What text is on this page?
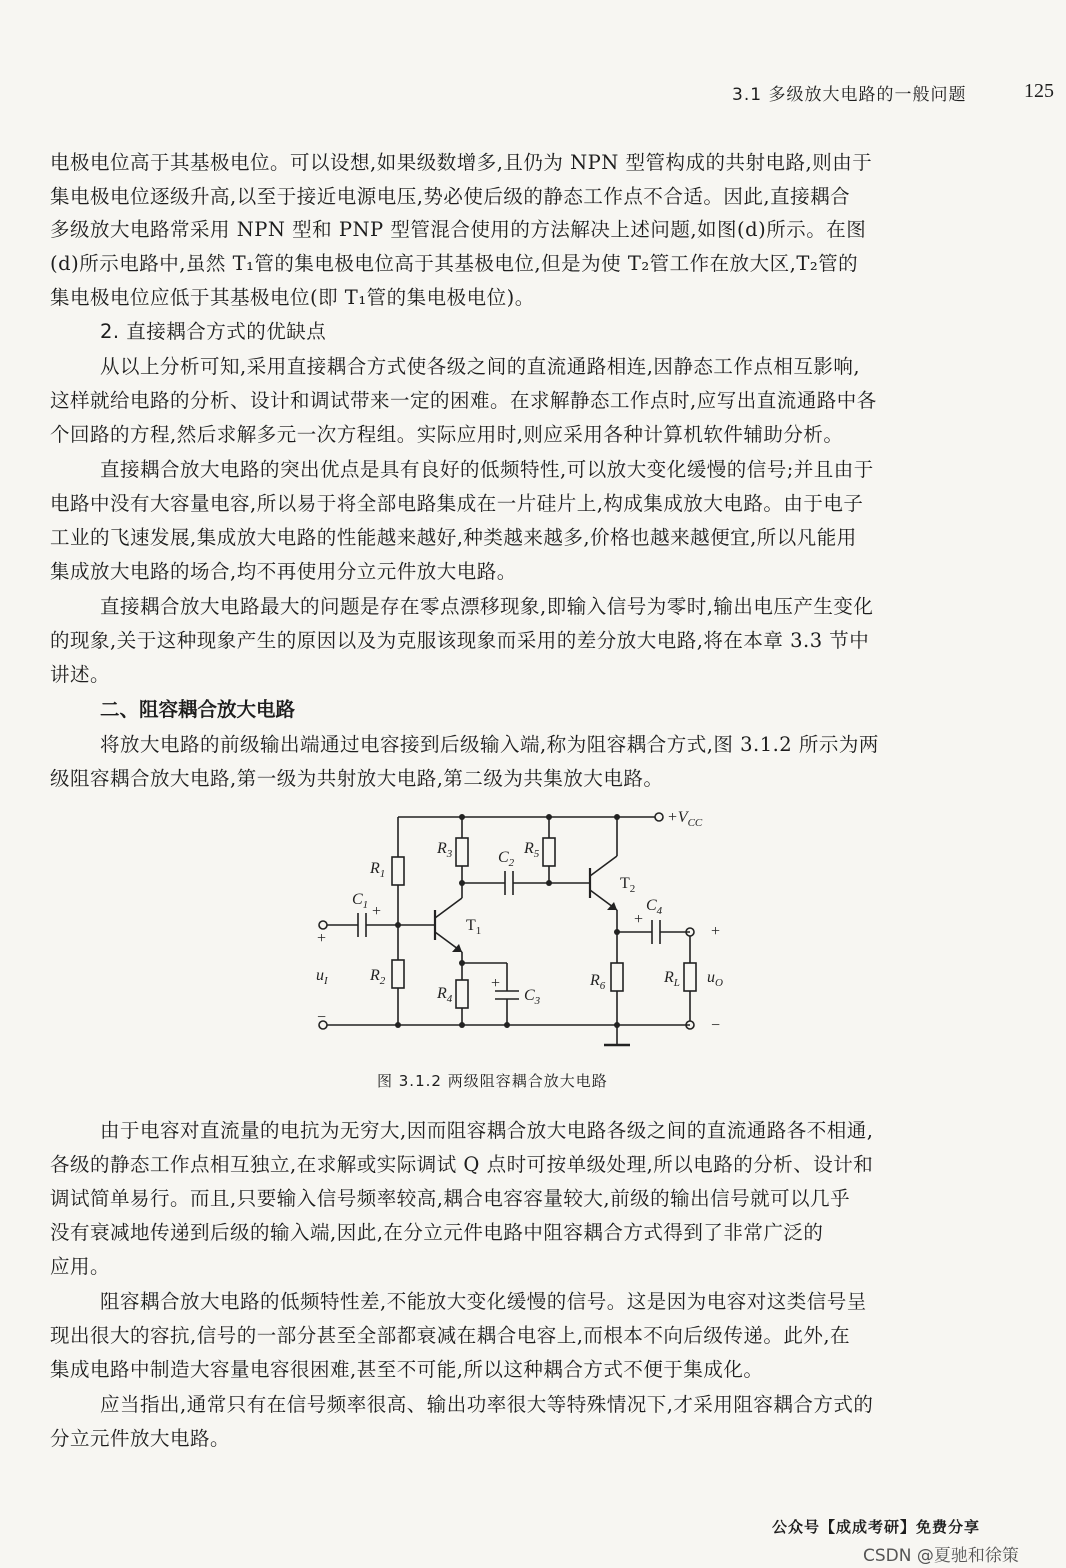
3.1 多级放大电路的一般问题	125
电极电位高于其基极电位。可以设想,如果级数增多,且仍为 NPN 型管构成的共射电路,则由于
集电极电位逐级升高,以至于接近电源电压,势必使后级的静态工作点不合适。因此,直接耦合
多级放大电路常采用 NPN 型和 PNP 型管混合使用的方法解决上述问题,如图(d)所示。在图
(d)所示电路中,虽然 T₁管的集电极电位高于其基极电位,但是为使 T₂管工作在放大区,T₂管的
集电极电位应低于其基极电位(即 T₁管的集电极电位)。
2. 直接耦合方式的优缺点
从以上分析可知,采用直接耦合方式使各级之间的直流通路相连,因静态工作点相互影响,
这样就给电路的分析、设计和调试带来一定的困难。在求解静态工作点时,应写出直流通路中各
个回路的方程,然后求解多元一次方程组。实际应用时,则应采用各种计算机软件辅助分析。
直接耦合放大电路的突出优点是具有良好的低频特性,可以放大变化缓慢的信号;并且由于
电路中没有大容量电容,所以易于将全部电路集成在一片硅片上,构成集成放大电路。由于电子
工业的飞速发展,集成放大电路的性能越来越好,种类越来越多,价格也越来越便宜,所以凡能用
集成放大电路的场合,均不再使用分立元件放大电路。
直接耦合放大电路最大的问题是存在零点漂移现象,即输入信号为零时,输出电压产生变化
的现象,关于这种现象产生的原因以及为克服该现象而采用的差分放大电路,将在本章 3.3 节中
讲述。
二、阻容耦合放大电路
将放大电路的前级输出端通过电容接到后级输入端,称为阻容耦合方式,图 3.1.2 所示为两
级阻容耦合放大电路,第一级为共射放大电路,第二级为共集放大电路。
$+V_{CC}$
$R_1$
$R_2$
$R_3$
$R_4$
$R_5$
$R_6$	$R_L$
$C_1$
$C_2$
$C_3$
$C_4$
$u_I$	$u_O$
$T_1$
$T_2$
+
−
+
+
+
+
−
图 3.1.2 两级阻容耦合放大电路
由于电容对直流量的电抗为无穷大,因而阻容耦合放大电路各级之间的直流通路各不相通,
各级的静态工作点相互独立,在求解或实际调试 Q 点时可按单级处理,所以电路的分析、设计和
调试简单易行。而且,只要输入信号频率较高,耦合电容容量较大,前级的输出信号就可以几乎
没有衰减地传递到后级的输入端,因此,在分立元件电路中阻容耦合方式得到了非常广泛的
应用。
阻容耦合放大电路的低频特性差,不能放大变化缓慢的信号。这是因为电容对这类信号呈
现出很大的容抗,信号的一部分甚至全部都衰减在耦合电容上,而根本不向后级传递。此外,在
集成电路中制造大容量电容很困难,甚至不可能,所以这种耦合方式不便于集成化。
应当指出,通常只有在信号频率很高、输出功率很大等特殊情况下,才采用阻容耦合方式的
分立元件放大电路。
公众号【成成考研】免费分享
CSDN @夏驰和徐策
